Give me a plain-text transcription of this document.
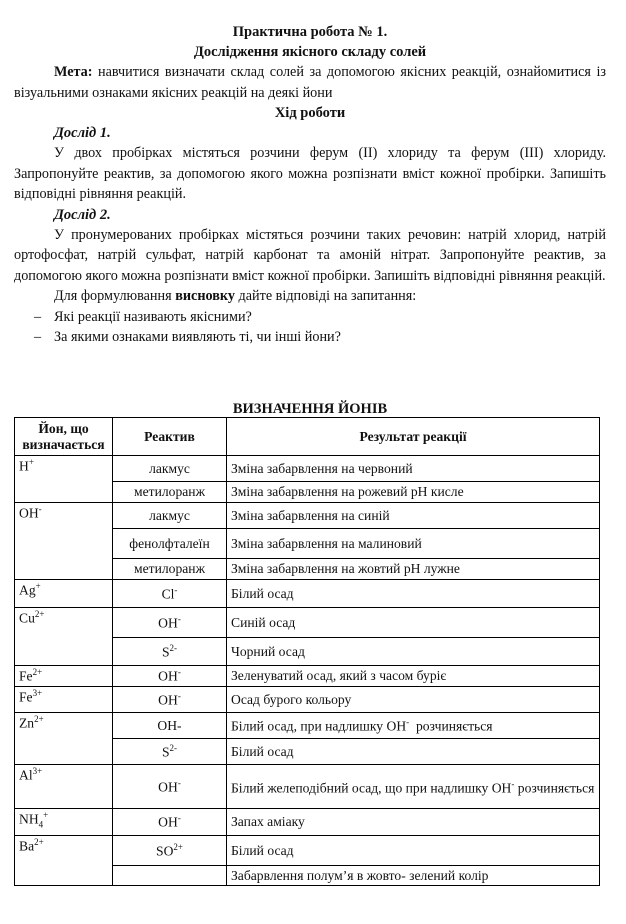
Практична робота № 1.
Дослідження якісного складу солей
Мета: навчитися визначати склад солей за допомогою якісних реакцій, ознайомитися із візуальними ознаками якісних реакцій на деякі йони
Хід роботи
Дослід 1.
У двох пробірках містяться розчини ферум (II) хлориду та ферум (III) хлориду. Запропонуйте реактив, за допомогою якого можна розпізнати вміст кожної пробірки. Запишіть відповідні рівняння реакцій.
Дослід 2.
У пронумерованих пробірках містяться розчини таких речовин: натрій хлорид, натрій ортофосфат, натрій сульфат, натрій карбонат та амоній нітрат. Запропонуйте реактив, за допомогою якого можна розпізнати вміст кожної пробірки. Запишіть відповідні рівняння реакцій.
Для формулювання висновку дайте відповіді на запитання:
– Які реакції називають якісними?
– За якими ознаками виявляють ті, чи інші йони?
ВИЗНАЧЕННЯ ЙОНІВ
Йон, що визначається	Реактив	Результат реакції
H+	лакмус	Зміна забарвлення на червоний
	метилоранж	Зміна забарвлення на рожевий рН кисле
OH-	лакмус	Зміна забарвлення на синій
	фенолфталеїн	Зміна забарвлення на малиновий
	метилоранж	Зміна забарвлення на жовтий рН лужне
Ag+	Cl-	Білий осад
$Cu^{2+}$	OH-	Синій осад
	$S^{2-}$	Чорний осад
$Fe^{2+}$	OH-	Зеленуватий осад, який з часом буріє
$Fe^{3+}$	OH-	Осад бурого кольору
$Zn^{2+}$	OH-	Білий осад, при надлишку ОН-  розчиняється
	$S^{2-}$	Білий осад
$Al^{3+}$	OH-	Білий желеподібний осад, що при надлишку ОН- розчиняється
$NH_4^+$	OH-	Запах аміаку
$Ba^{2+}$	$SO^{2+}$	Білий осад
		Забарвлення полум’я в жовто- зелений колір
